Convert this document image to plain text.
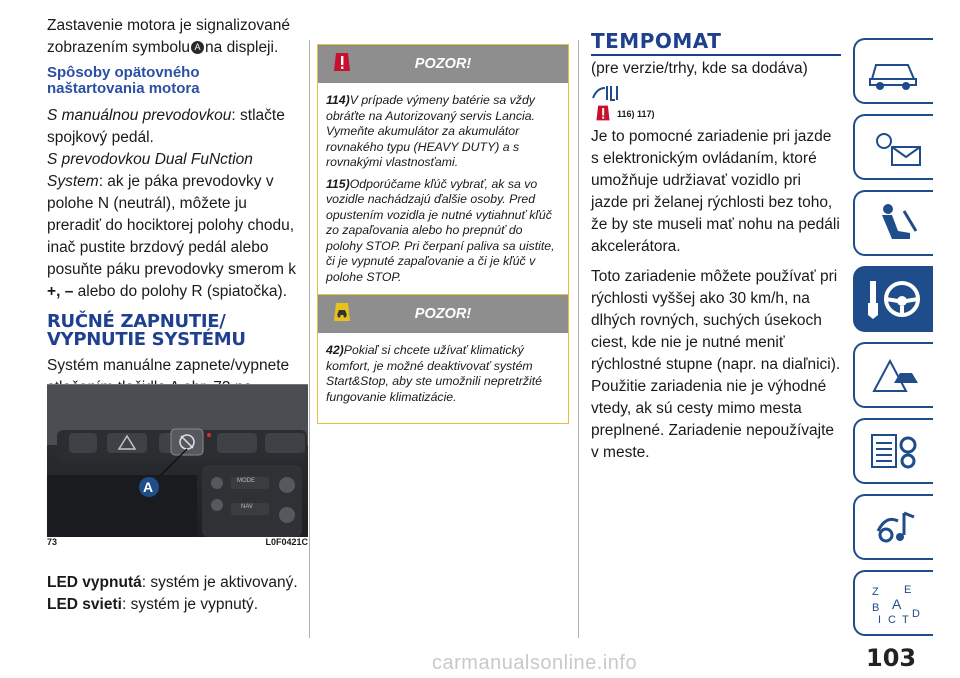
Zastavenie motora je signalizované
zobrazením symbolu A na displeji.

Spôsoby opätovného naštartovania motora

S manuálnou prevodovkou: stlačte spojkový pedál.

S prevodovkou Dual FuNction System: ak je páka prevodovky v polohe N (neutrál), môžete ju preradiť do hociktorej polohy chodu, inač pustite brzdový pedál alebo posuňte páku prevodovky smerom k +, – alebo do polohy R (spiatočka).

RUČNÉ ZAPNUTIE/
VYPNUTIE SYSTÉMU

Systém manuálne zapnete/vypnete

A	MODE
NAV
73	L0F0421C
LED vypnutá: systém je aktivovaný.
LED svieti: systém je vypnutý.
POZOR!

114)V prípade výmeny batérie sa vždy obráťte na Autorizovaný servis Lancia. Vymeňte akumulátor za akumulátor rovnakého typu (HEAVY DUTY) a s rovnakými vlastnosťami.

115)Odporúčame kľúč vybrať, ak sa vo vozidle nachádzajú ďalšie osoby. Pred opustením vozidla je nutné vytiahnuť kľúč zo zapaľovania alebo ho prepnúť do polohy STOP. Pri čerpaní paliva sa uistite, či je vypnuté zapaľovanie a či je kľúč v polohe STOP.

POZOR!

42)Pokiaľ si chcete užívať klimatický komfort, je možné deaktivovať systém Start&Stop, aby ste umožnili nepretržité fungovanie klimatizácie.

TEMPOMAT

(pre verzie/trhy, kde sa dodáva)

$^{116) 117)}$

Je to pomocné zariadenie pri jazde s elektronickým ovládaním, ktoré umožňuje udržiavať vozidlo pri jazde pri želanej rýchlosti bez toho, že by ste museli mať nohu na pedáli akcelerátora.

Toto zariadenie môžete používať pri rýchlosti vyššej ako 30 km/h, na dlhých rovných, suchých úsekoch ciest, kde nie je nutné meniť rýchlostné stupne (napr. na diaľnici).

Použitie zariadenia nie je výhodné vtedy, ak sú cesty mimo mesta preplnené. Zariadenie nepoužívajte v meste.

Z E
B A
I C T D
103
carmanualsonline.info
